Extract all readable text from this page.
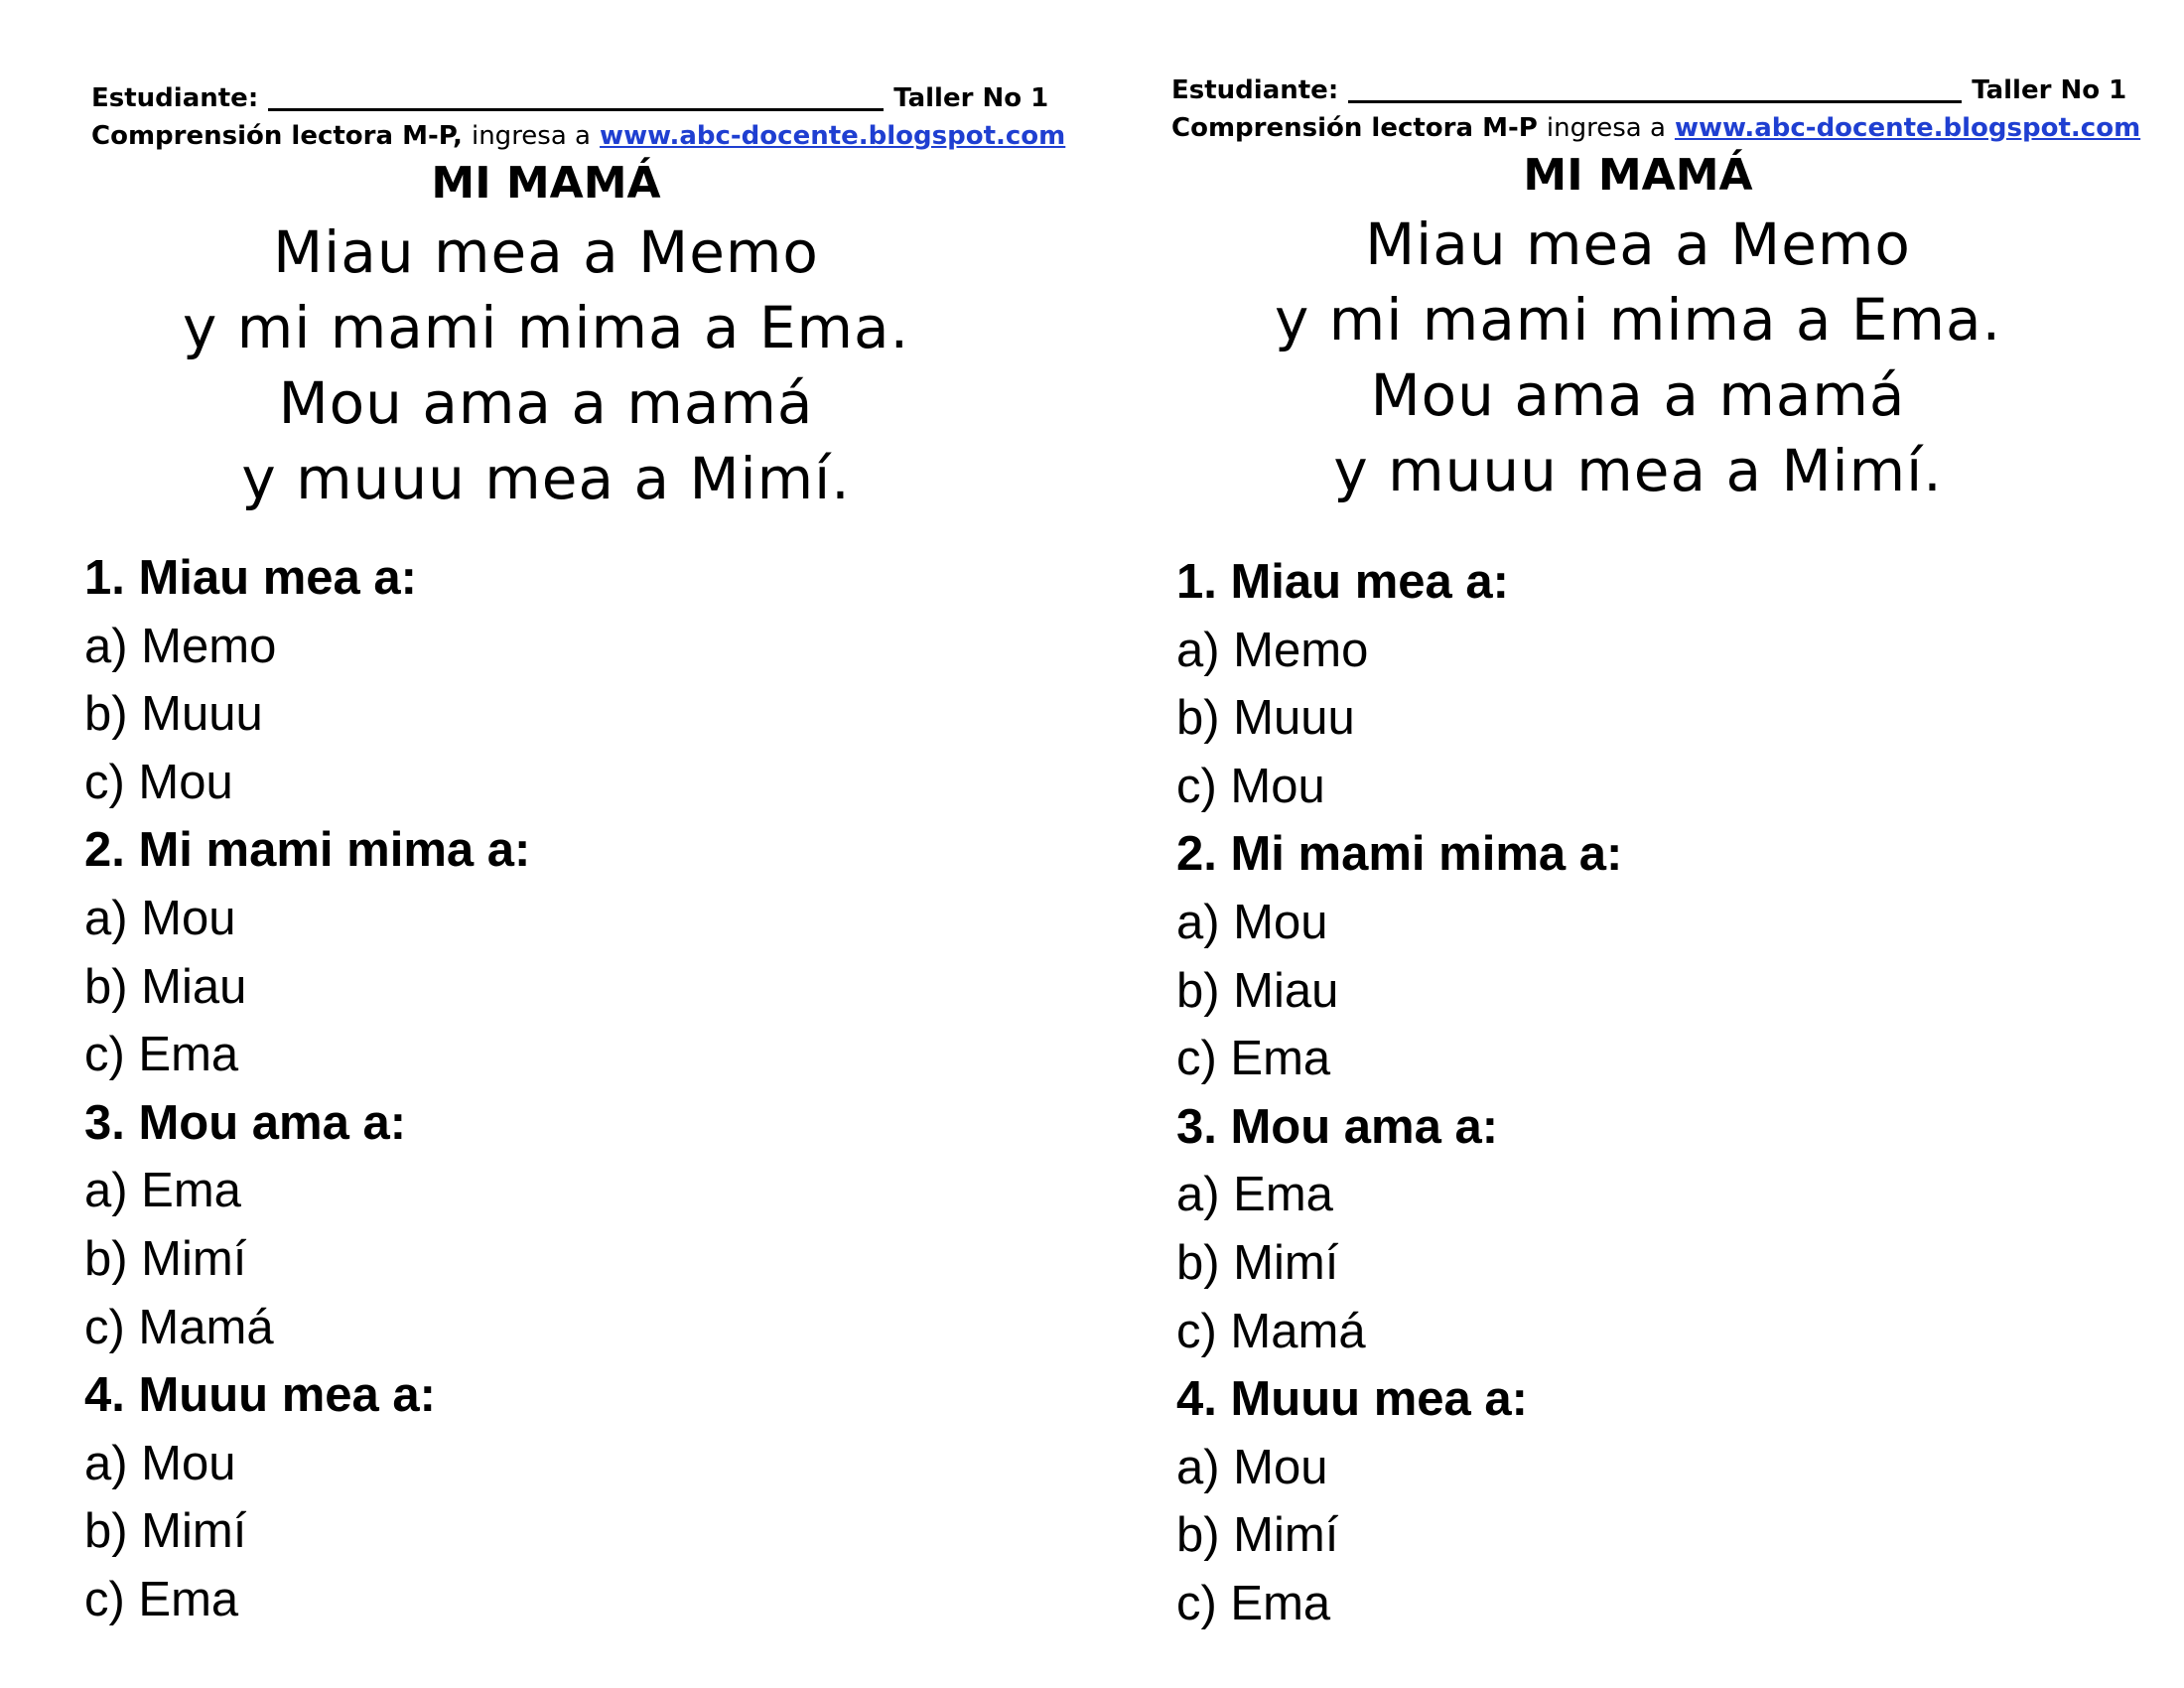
Estudiante:	Taller No 1
Comprensión lectora M-P, ingresa a www.abc-docente.blogspot.com
MI MAMÁ
Miau mea a Memo
y mi mami mima a Ema.
Mou ama a mamá
y muuu mea a Mimí.
1. Miau mea a:
a) Memo
b) Muuu
c) Mou
2. Mi mami mima a:
a) Mou
b) Miau
c) Ema
3. Mou ama a:
a) Ema
b) Mimí
c) Mamá
4. Muuu mea a:
a) Mou
b) Mimí
c) Ema
Estudiante:	Taller No 1
Comprensión lectora M-P ingresa a www.abc-docente.blogspot.com
MI MAMÁ
Miau mea a Memo
y mi mami mima a Ema.
Mou ama a mamá
y muuu mea a Mimí.
1. Miau mea a:
a) Memo
b) Muuu
c) Mou
2. Mi mami mima a:
a) Mou
b) Miau
c) Ema
3. Mou ama a:
a) Ema
b) Mimí
c) Mamá
4. Muuu mea a:
a) Mou
b) Mimí
c) Ema
